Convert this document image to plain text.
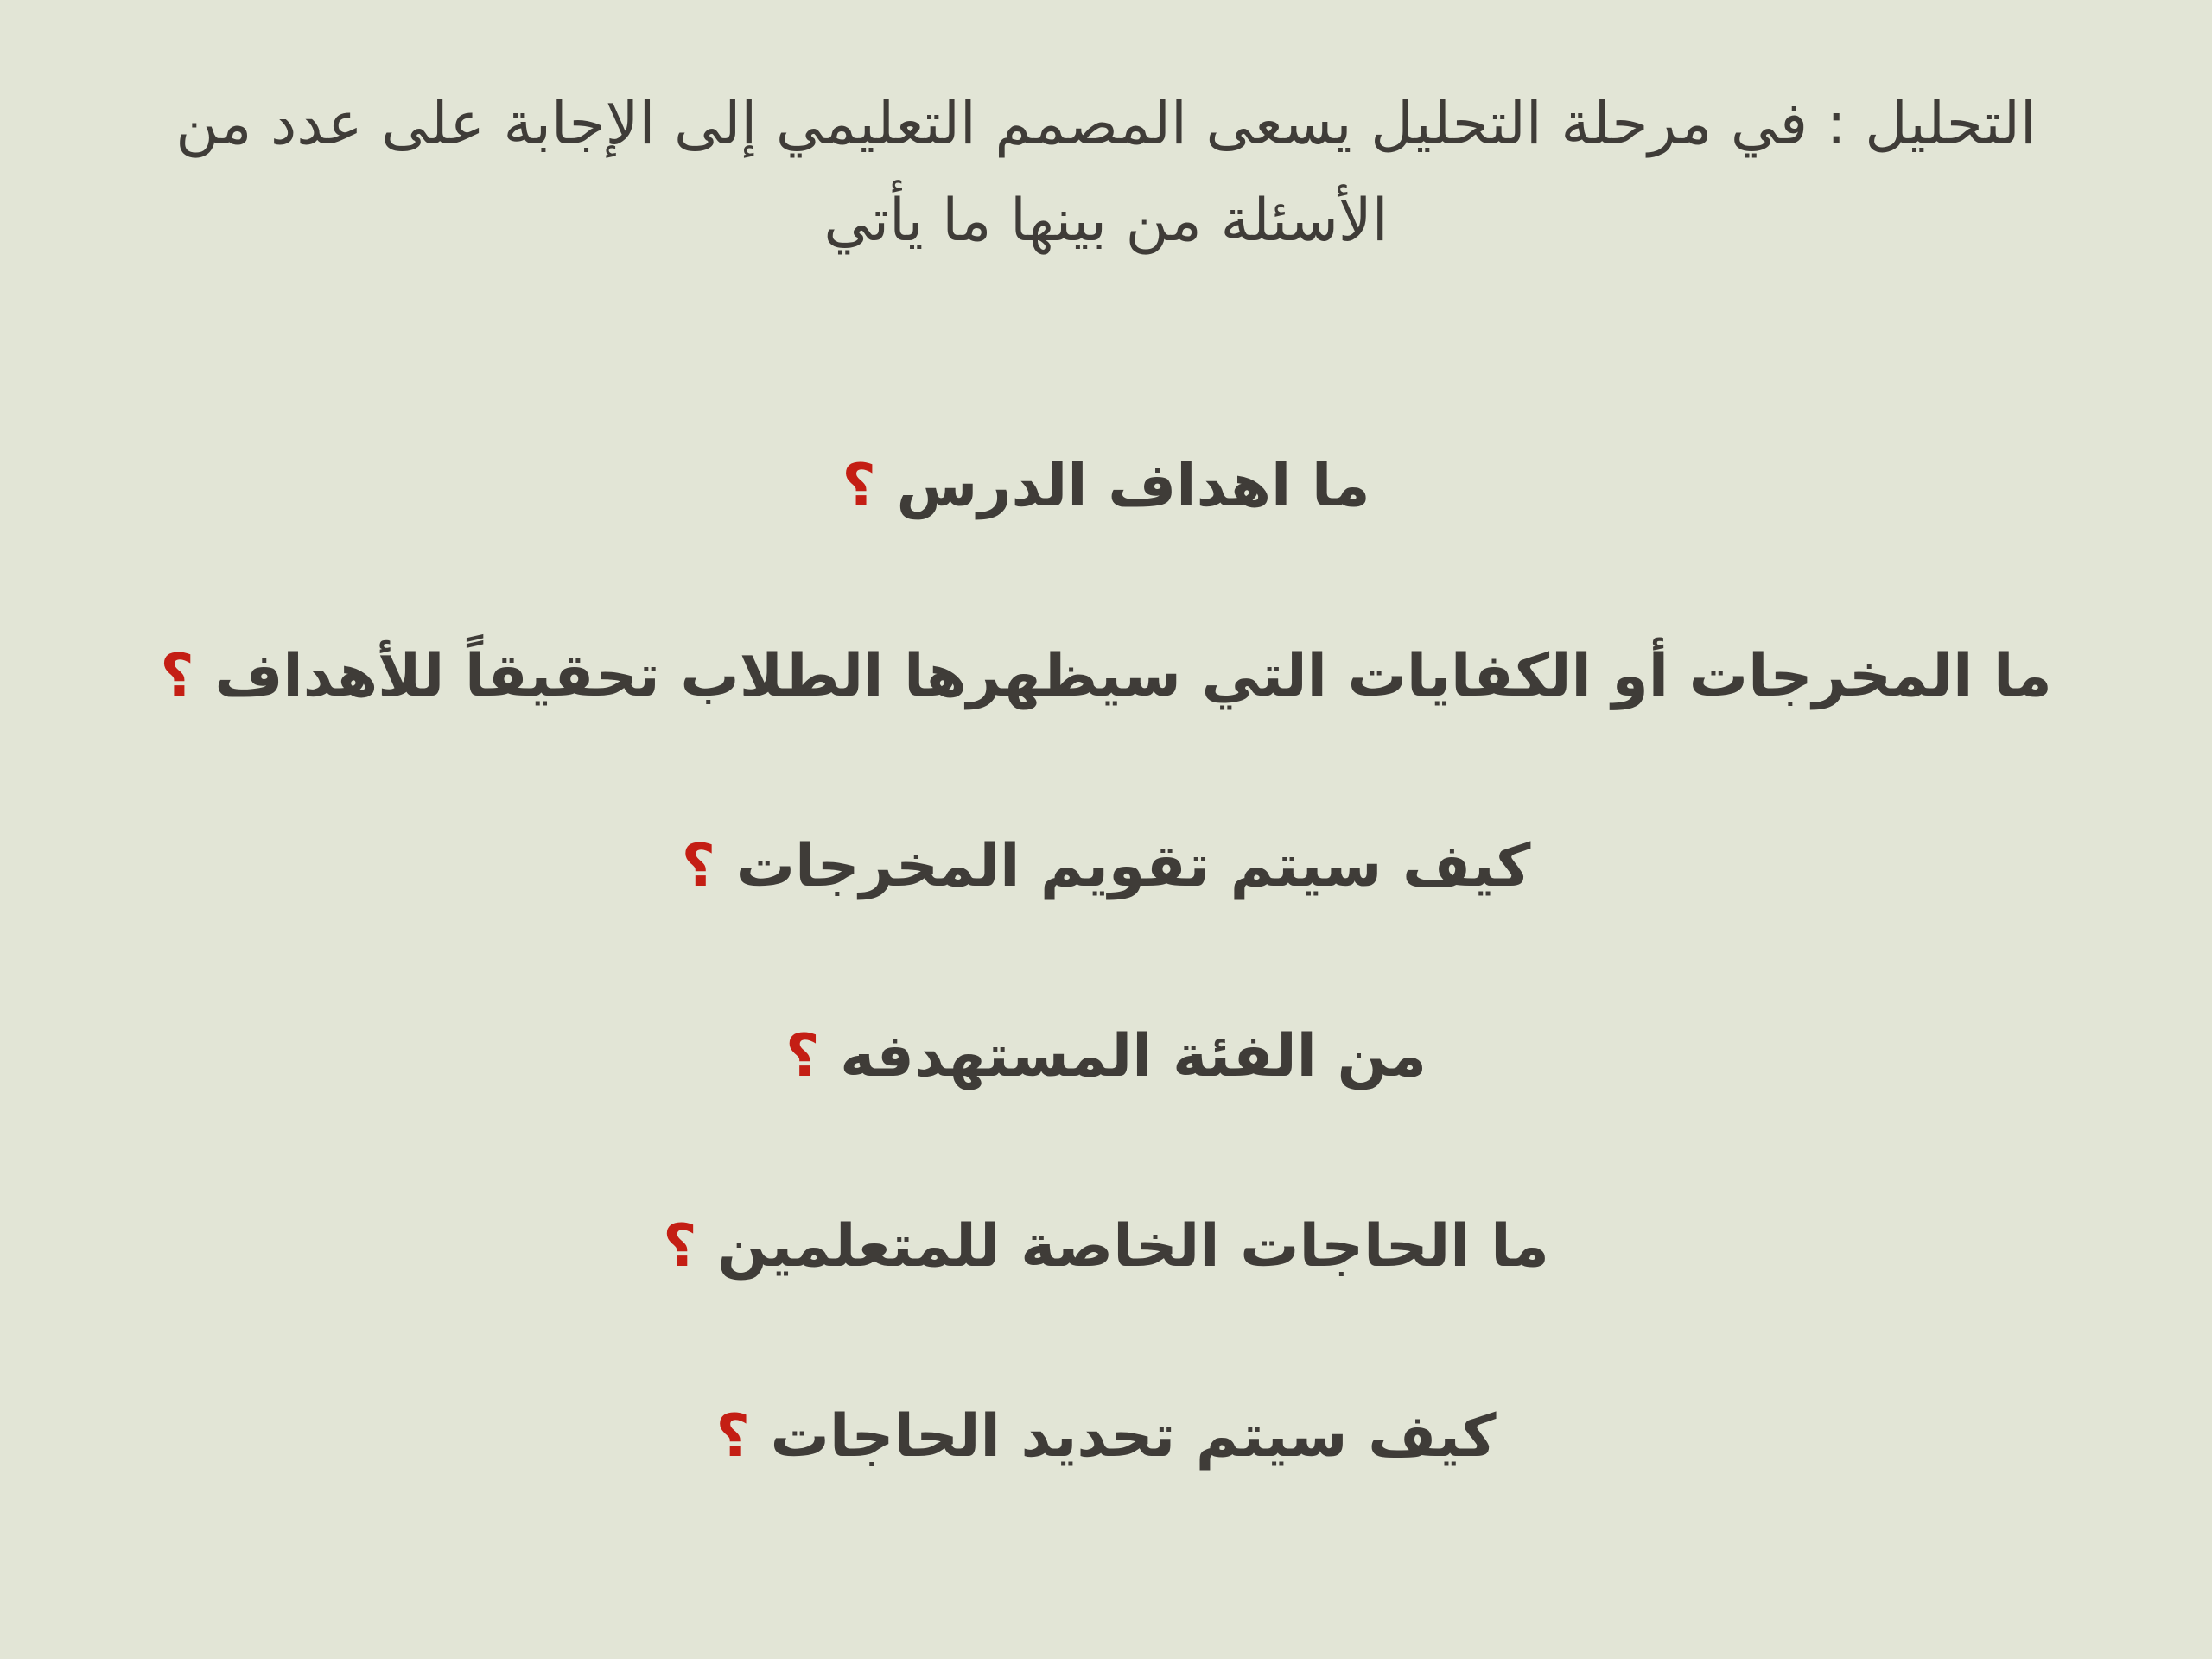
التحليل : في مرحلة التحليل يسعى المصمم التعليمي إلى الإجابة على عدد من الأسئلة من بينها ما يأتي

ما اهداف الدرس ؟
ما المخرجات أو الكفايات التي سيظهرها الطلاب تحقيقاً للأهداف ؟
كيف سيتم تقويم المخرجات ؟
من الفئة المستهدفه ؟
ما الحاجات الخاصة للمتعلمين ؟
كيف سيتم تحديد الحاجات ؟
